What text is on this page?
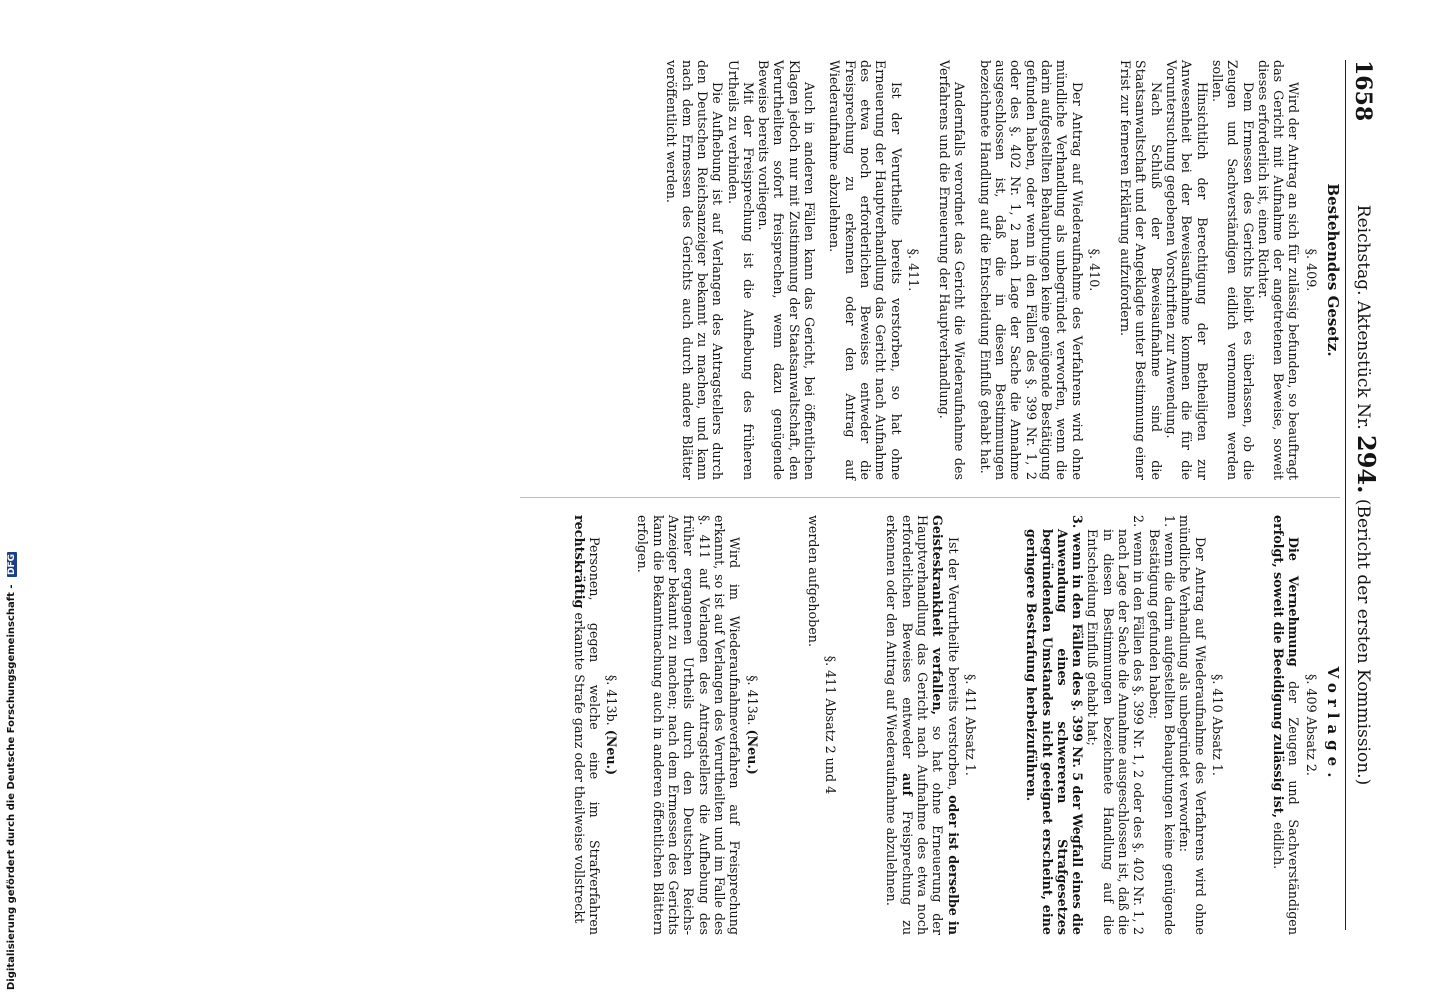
1658
Reichstag. Aktenstück Nr. 294. (Bericht der ersten Kommission.)
Bestehendes Gesetz.
§. 409.

Wird der Antrag an sich für zulässig befunden, so beauftragt das Gericht mit Aufnahme der angetretenen Beweise, soweit dieses erforderlich ist, einen Richter.

Dem Ermessen des Gerichts bleibt es überlassen, ob die Zeugen und Sachverständigen eidlich vernommen werden sollen.

Hinsichtlich der Berechtigung der Betheiligten zur Anwesenheit bei der Beweisaufnahme kommen die für die Voruntersuchung gegebenen Vorschriften zur Anwendung.

Nach Schluß der Beweisaufnahme sind die Staatsanwaltschaft und der Angeklagte unter Bestimmung einer Frist zur ferneren Erklärung aufzufordern.

§. 410.

Der Antrag auf Wiederaufnahme des Verfahrens wird ohne mündliche Verhandlung als unbegründet verworfen, wenn die darin aufgestellten Behauptungen keine genügende Bestätigung gefunden haben, oder wenn in den Fällen des §. 399 Nr. 1, 2 oder des §. 402 Nr. 1, 2 nach Lage der Sache die Annahme ausgeschlossen ist, daß die in diesen Bestimmungen bezeichnete Handlung auf die Entscheidung Einfluß gehabt hat.

Andernfalls verordnet das Gericht die Wiederaufnahme des Verfahrens und die Erneuerung der Hauptverhandlung.

§. 411.

Ist der Verurtheilte bereits verstorben, so hat ohne Erneuerung der Hauptverhandlung das Gericht nach Aufnahme des etwa noch erforderlichen Beweises entweder die Freisprechung zu erkennen oder den Antrag auf Wiederaufnahme abzulehnen.

Auch in anderen Fällen kann das Gericht, bei öffentlichen Klagen jedoch nur mit Zustimmung der Staatsanwaltschaft, den Verurtheilten sofort freisprechen, wenn dazu genügende Beweise bereits vorliegen.

Mit der Freisprechung ist die Aufhebung des früheren Urtheils zu verbinden.

Die Aufhebung ist auf Verlangen des Antragstellers durch den Deutschen Reichsanzeiger bekannt zu machen, und kann nach dem Ermessen des Gerichts auch durch andere Blätter veröffentlicht werden.

Vorlage.
§. 409 Absatz 2.

Die Vernehmung der Zeugen und Sachverständigen erfolgt, soweit die Beeidigung zulässig ist, eidlich.

§. 410 Absatz 1.

Der Antrag auf Wiederaufnahme des Verfahrens wird ohne mündliche Verhandlung als unbegründet verworfen:

1. wenn die darin aufgestellten Behauptungen keine genügende Bestätigung gefunden haben;

2. wenn in den Fällen des §. 399 Nr. 1, 2 oder des §. 402 Nr. 1, 2 nach Lage der Sache die Annahme ausgeschlossen ist, daß die in diesen Bestimmungen bezeichnete Handlung auf die Entscheidung Einfluß gehabt hat;

3. wenn in den Fällen des §. 399 Nr. 5 der Wegfall eines die Anwendung eines schwereren Strafgesetzes begründenden Umstandes nicht geeignet erscheint, eine geringere Bestrafung herbeizuführen.

§. 411 Absatz 1.

Ist der Verurtheilte bereits verstorben, oder ist derselbe in Geisteskrankheit verfallen, so hat ohne Erneuerung der Hauptverhandlung das Gericht nach Aufnahme des etwa noch erforderlichen Beweises entweder auf Freisprechung zu erkennen oder den Antrag auf Wiederaufnahme abzulehnen.

§. 411 Absatz 2 und 4

werden aufgehoben.

§. 413a. (Neu.)

Wird im Wiederaufnahmeverfahren auf Freisprechung erkannt, so ist auf Verlangen des Verurtheilten und im Falle des §. 411 auf Verlangen des Antragstellers die Aufhebung des früher ergangenen Urtheils durch den Deutschen Reichs-Anzeiger bekannt zu machen; nach dem Ermessen des Gerichts kann die Bekanntmachung auch in anderen öffentlichen Blättern erfolgen.

§. 413b. (Neu.)

Personen, gegen welche eine im Strafverfahren rechtskräftig erkannte Strafe ganz oder theilweise vollstreckt

Digitalisierung gefördert durch die Deutsche Forschungsgemeinschaft - DFG
